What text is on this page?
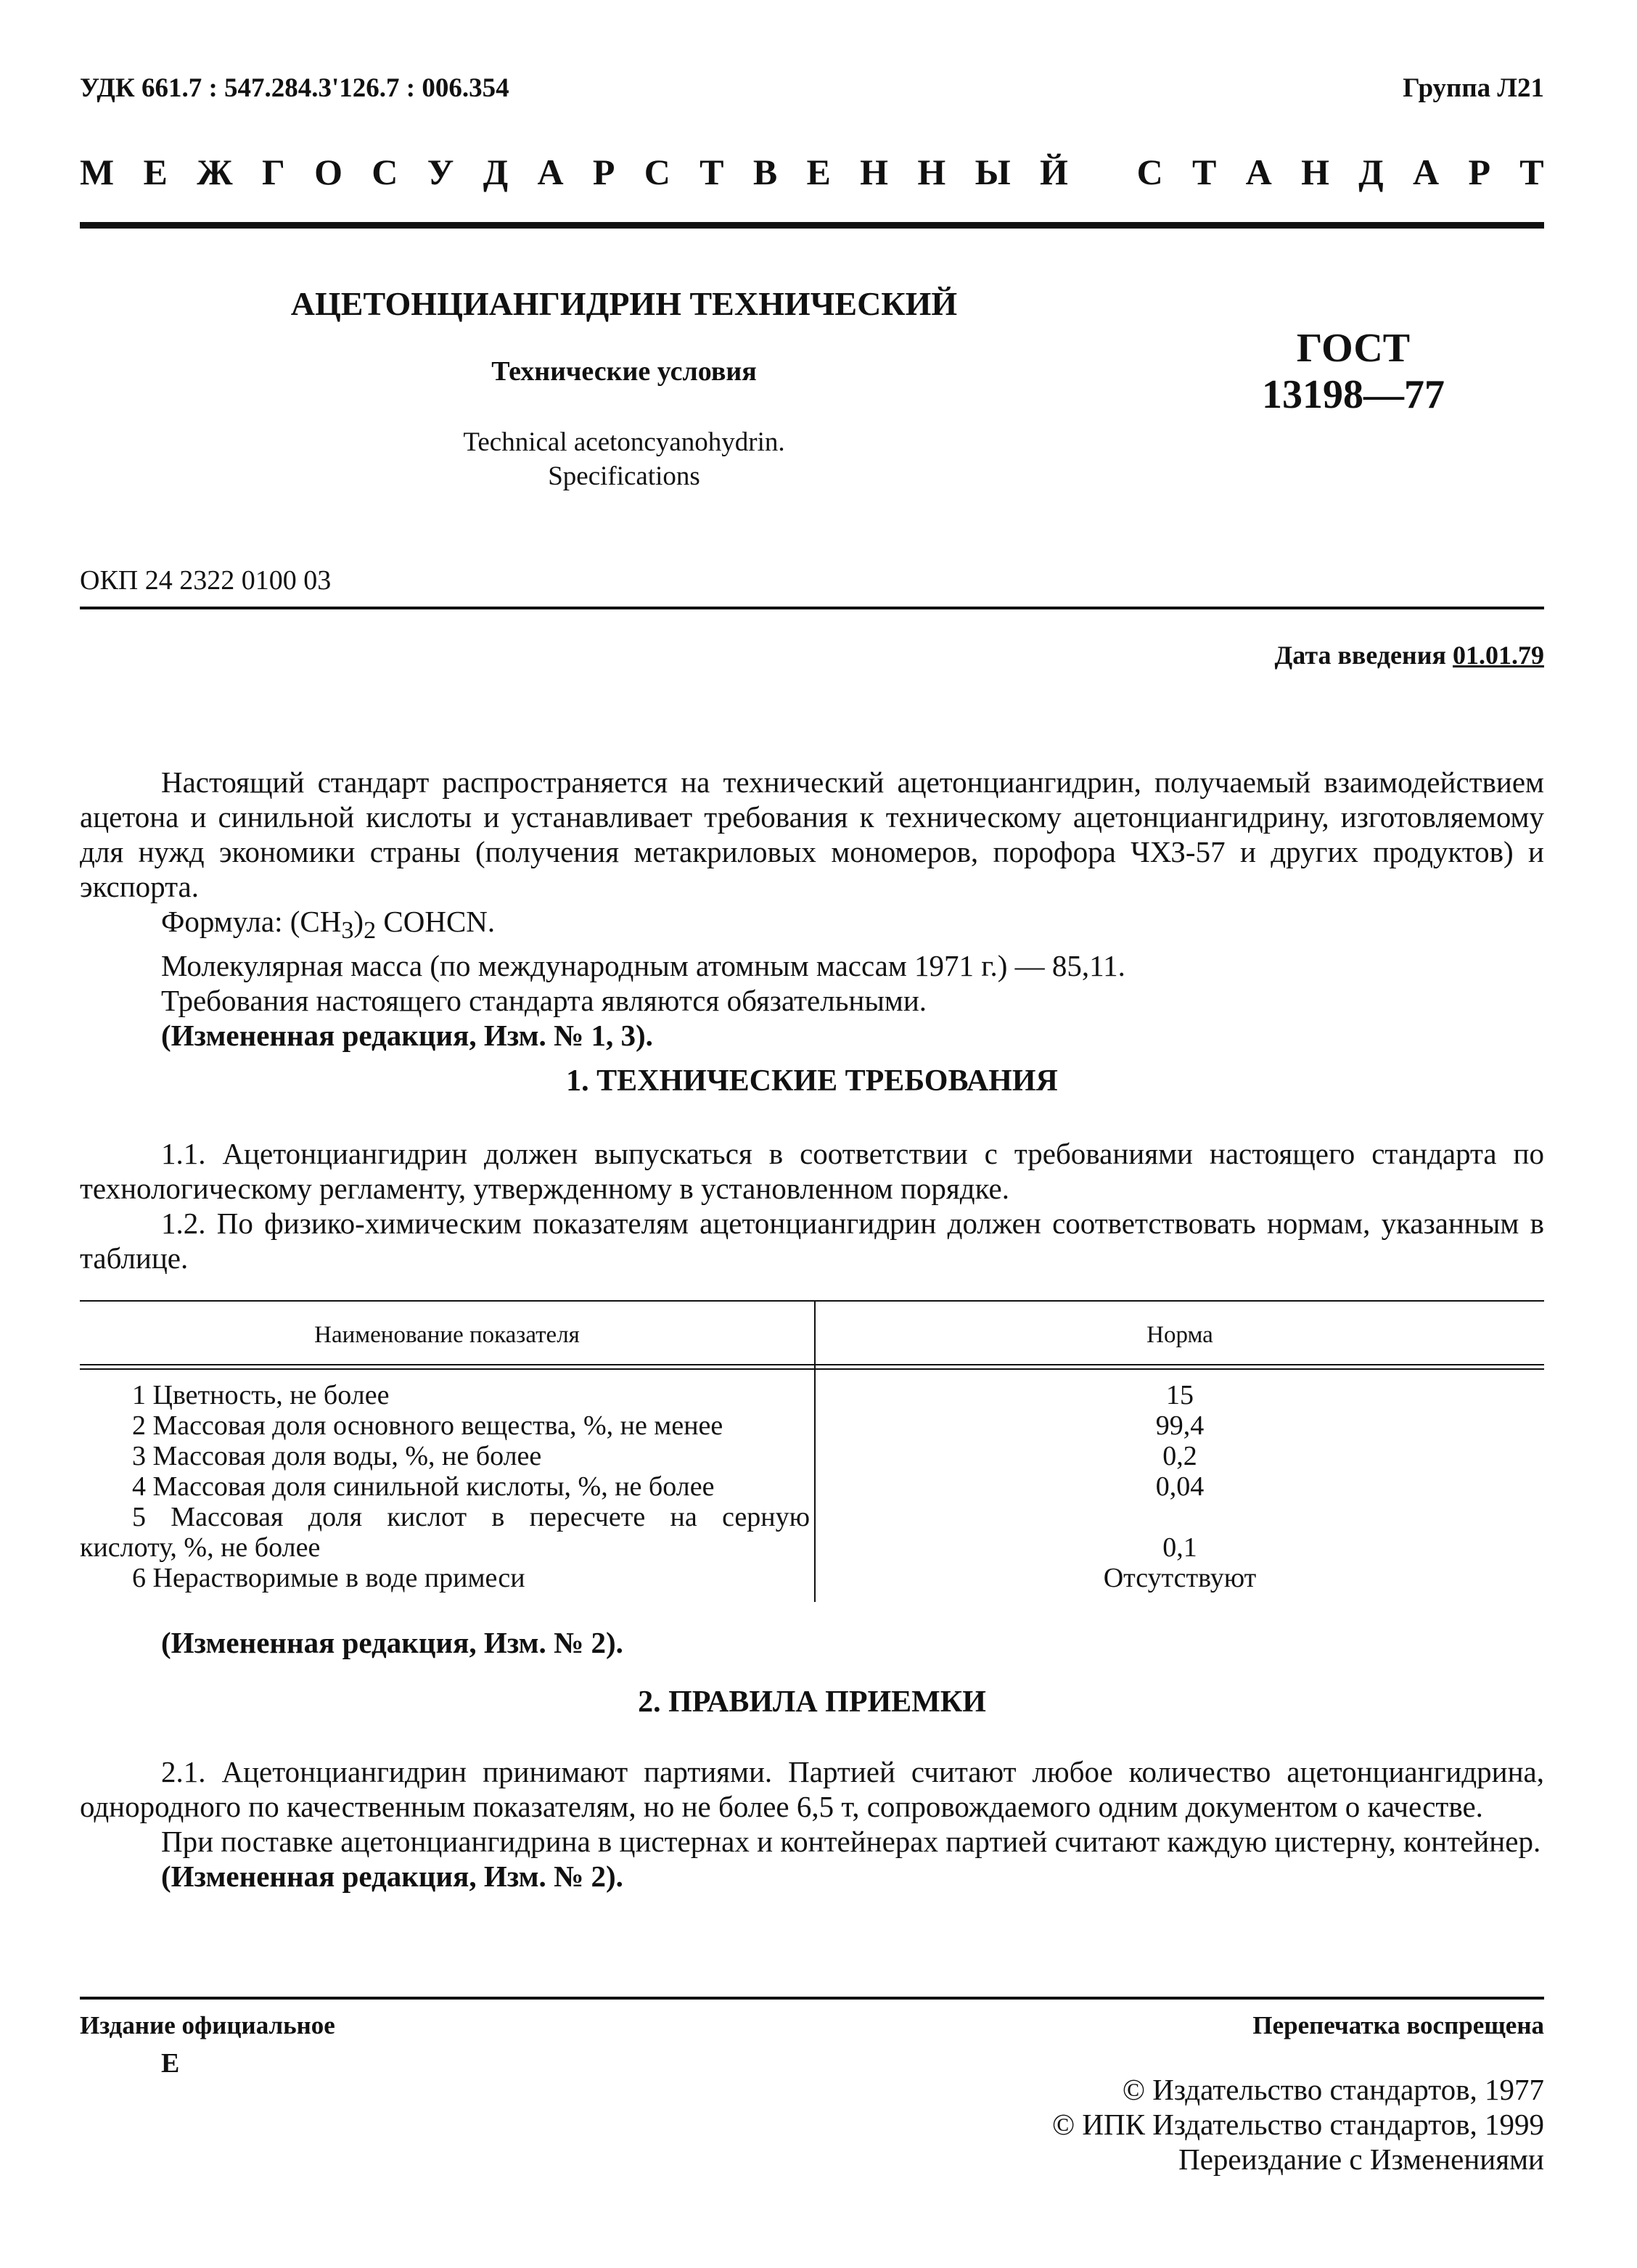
УДК 661.7 : 547.284.3'126.7 : 006.354	Группа Л21
М Е Ж Г О С У Д А Р С Т В Е Н Н Ы Й С Т А Н Д А Р Т
АЦЕТОНЦИАНГИДРИН ТЕХНИЧЕСКИЙ
Технические условия
Technical acetoncyanohydrin.
Specifications
ГОСТ
13198—77
ОКП 24 2322 0100 03
Дата введения 01.01.79
Настоящий стандарт распространяется на технический ацетонциангидрин, получаемый взаимодействием ацетона и синильной кислоты и устанавливает требования к техническому ацетонциангидрину, изготовляемому для нужд экономики страны (получения метакриловых мономеров, порофора ЧХЗ-57 и других продуктов) и экспорта.
Формула: $(CH_3)_2$ COHCN.
Молекулярная масса (по международным атомным массам 1971 г.) — 85,11.
Требования настоящего стандарта являются обязательными.
(Измененная редакция, Изм. № 1, 3).
1. ТЕХНИЧЕСКИЕ ТРЕБОВАНИЯ
1.1. Ацетонциангидрин должен выпускаться в соответствии с требованиями настоящего стандарта по технологическому регламенту, утвержденному в установленном порядке.
1.2. По физико-химическим показателям ацетонциангидрин должен соответствовать нормам, указанным в таблице.
Наименование показателя	Норма
1 Цветность, не более	15
2 Массовая доля основного вещества, %, не менее	99,4
3 Массовая доля воды, %, не более	0,2
4 Массовая доля синильной кислоты, %, не более	0,04
5 Массовая доля кислот в пересчете на серную
кислоту, %, не более	0,1
6 Нерастворимые в воде примеси	Отсутствуют
(Измененная редакция, Изм. № 2).
2. ПРАВИЛА ПРИЕМКИ
2.1. Ацетонциангидрин принимают партиями. Партией считают любое количество ацетонциангидрина, однородного по качественным показателям, но не более 6,5 т, сопровождаемого одним документом о качестве.
При поставке ацетонциангидрина в цистернах и контейнерах партией считают каждую цистерну, контейнер.
(Измененная редакция, Изм. № 2).
Издание официальное
Е
Перепечатка воспрещена
© Издательство стандартов, 1977
© ИПК Издательство стандартов, 1999
Переиздание с Изменениями
